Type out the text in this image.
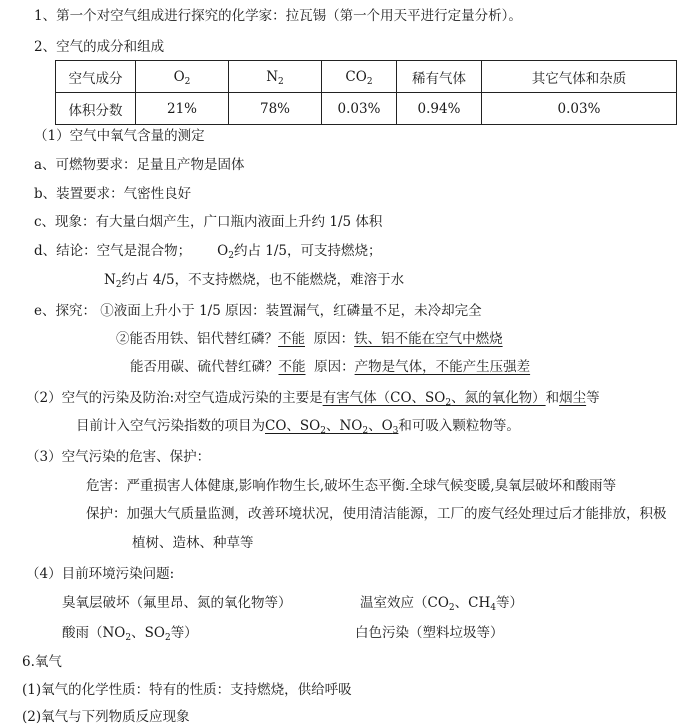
1、第一个对空气组成进行探究的化学家：拉瓦锡（第一个用天平进行定量分析）。
2、空气的成分和组成
空气成分	$O_2$	$N_2$	$CO_2$	稀有气体	其它气体和杂质
体积分数	21%	78%	0.03%	0.94%	0.03%
（1）空气中氧气含量的测定
a、可燃物要求：足量且产物是固体
b、装置要求：气密性良好
c、现象：有大量白烟产生，广口瓶内液面上升约 1/5 体积
d、结论：空气是混合物； $O_2$约占 1/5，可支持燃烧；
$N_2$约占 4/5，不支持燃烧，也不能燃烧，难溶于水
e、探究： ①液面上升小于 1/5 原因：装置漏气，红磷量不足，未冷却完全
②能否用铁、铝代替红磷？不能 原因：铁、铝不能在空气中燃烧
能否用碳、硫代替红磷？不能 原因：产物是气体，不能产生压强差
（2）空气的污染及防治:对空气造成污染的主要是有害气体（CO、$SO_2$、氮的氧化物）和烟尘等
目前计入空气污染指数的项目为CO、$SO_2$、$NO_2$、$O_3$和可吸入颗粒物等。
（3）空气污染的危害、保护：
危害：严重损害人体健康,影响作物生长,破坏生态平衡.全球气候变暖,臭氧层破坏和酸雨等
保护：加强大气质量监测，改善环境状况，使用清洁能源，工厂的废气经处理过后才能排放，积极
植树、造林、种草等
（4）目前环境污染问题:
臭氧层破坏（氟里昂、氮的氧化物等）	温室效应（$CO_2$、$CH_4$等）
酸雨（$NO_2$、$SO_2$等）	白色污染（塑料垃圾等）
6.氧气
(1)氧气的化学性质：特有的性质：支持燃烧，供给呼吸
(2)氧气与下列物质反应现象
